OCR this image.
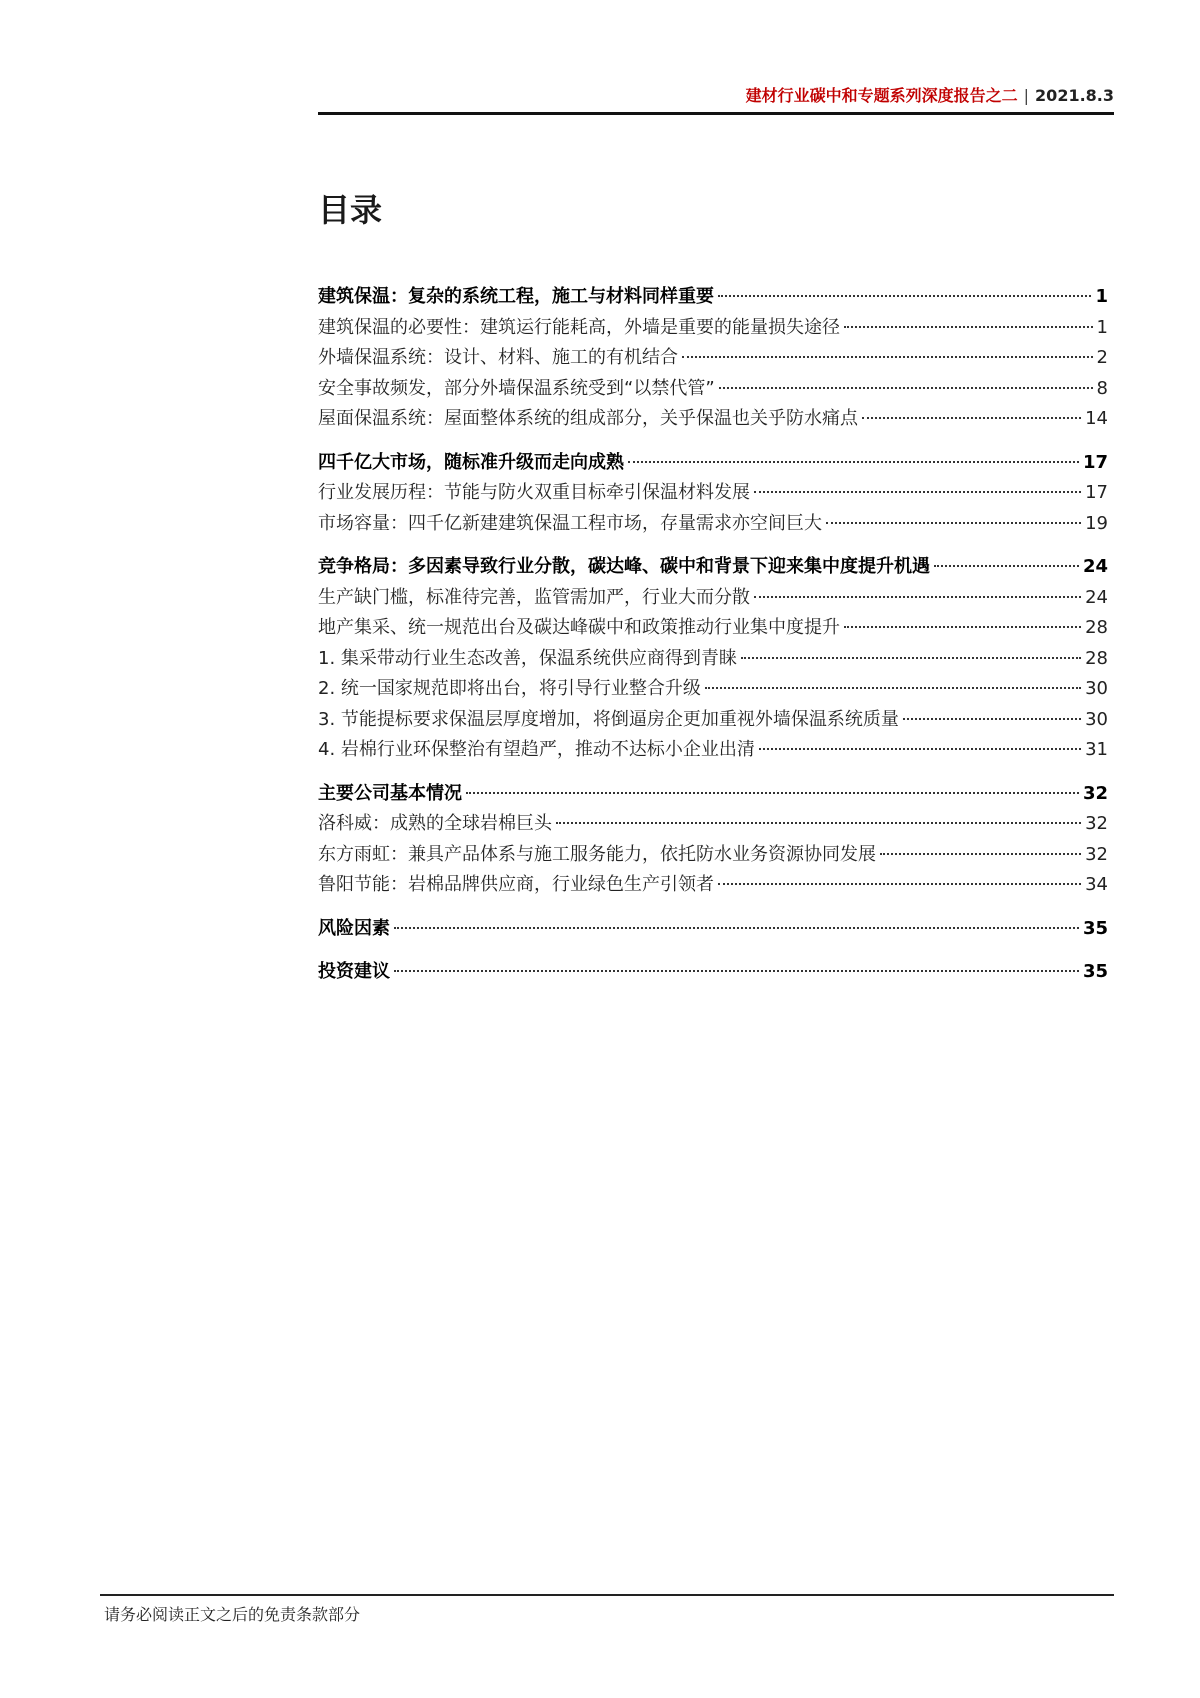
建材行业碳中和专题系列深度报告之二 | 2021.8.3
目录
建筑保温：复杂的系统工程，施工与材料同样重要	1
建筑保温的必要性：建筑运行能耗高，外墙是重要的能量损失途径	1
外墙保温系统：设计、材料、施工的有机结合	2
安全事故频发，部分外墙保温系统受到“以禁代管”	8
屋面保温系统：屋面整体系统的组成部分，关乎保温也关乎防水痛点	14
四千亿大市场，随标准升级而走向成熟	17
行业发展历程：节能与防火双重目标牵引保温材料发展	17
市场容量：四千亿新建建筑保温工程市场，存量需求亦空间巨大	19
竞争格局：多因素导致行业分散，碳达峰、碳中和背景下迎来集中度提升机遇	24
生产缺门槛，标准待完善，监管需加严，行业大而分散	24
地产集采、统一规范出台及碳达峰碳中和政策推动行业集中度提升	28
1. 集采带动行业生态改善，保温系统供应商得到青睐	28
2. 统一国家规范即将出台，将引导行业整合升级	30
3. 节能提标要求保温层厚度增加，将倒逼房企更加重视外墙保温系统质量	30
4. 岩棉行业环保整治有望趋严，推动不达标小企业出清	31
主要公司基本情况	32
洛科威：成熟的全球岩棉巨头	32
东方雨虹：兼具产品体系与施工服务能力，依托防水业务资源协同发展	32
鲁阳节能：岩棉品牌供应商，行业绿色生产引领者	34
风险因素	35
投资建议	35
请务必阅读正文之后的免责条款部分
